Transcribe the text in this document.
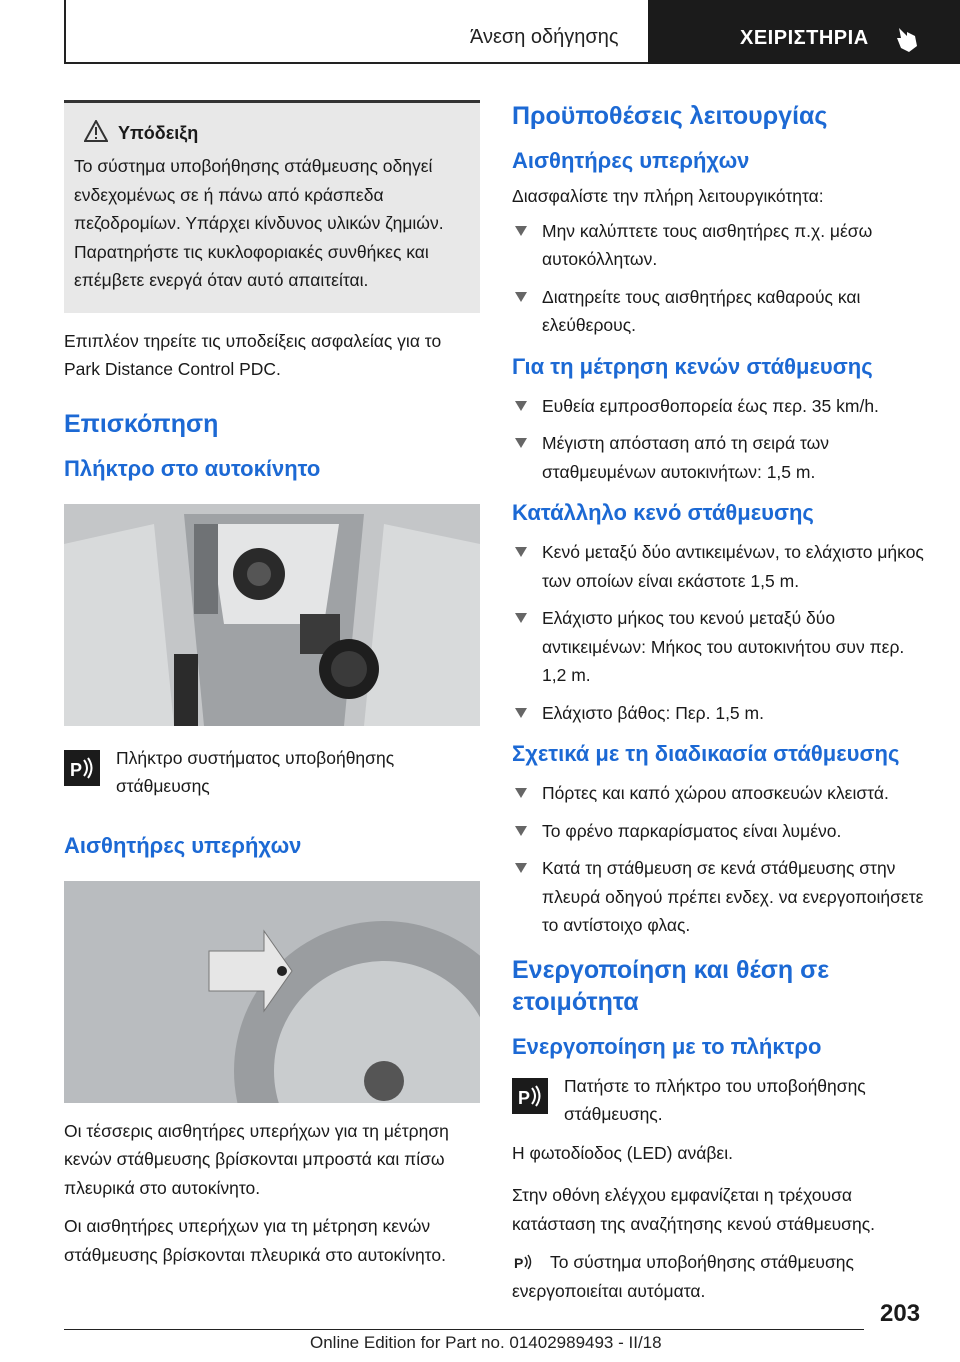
Άνεση οδήγησης	ΧΕΙΡΙΣΤΗΡΙΑ
Υπόδειξη

Το σύστημα υποβοήθησης στάθμευσης οδηγεί ενδεχομένως σε ή πάνω από κράσπεδα πεζοδρομίων. Υπάρχει κίνδυνος υλικών ζημιών. Παρατηρήστε τις κυκλοφοριακές συνθήκες και επέμβετε ενεργά όταν αυτό απαιτείται.

Επιπλέον τηρείτε τις υποδείξεις ασφαλείας για το Park Distance Control PDC.

Επισκόπηση
Πλήκτρο στο αυτοκίνητο
P
Πλήκτρο συστήματος υποβοήθησης στάθμευσης
Αισθητήρες υπερήχων

Οι τέσσερις αισθητήρες υπερήχων για τη μέτρηση κενών στάθμευσης βρίσκονται μπροστά και πίσω πλευρικά στο αυτοκίνητο.

Οι αισθητήρες υπερήχων για τη μέτρηση κενών στάθμευσης βρίσκονται πλευρικά στο αυτοκίνητο.

Προϋποθέσεις λειτουργίας
Αισθητήρες υπερήχων

Διασφαλίστε την πλήρη λειτουργικότητα:

Μην καλύπτετε τους αισθητήρες π.χ. μέσω αυτοκόλλητων.
Διατηρείτε τους αισθητήρες καθαρούς και ελεύθερους.
Για τη μέτρηση κενών στάθμευσης
Ευθεία εμπροσθοπορεία έως περ. 35 km/h.
Μέγιστη απόσταση από τη σειρά των σταθμευμένων αυτοκινήτων: 1,5 m.
Κατάλληλο κενό στάθμευσης
Κενό μεταξύ δύο αντικειμένων, το ελάχιστο μήκος των οποίων είναι εκάστοτε 1,5 m.
Ελάχιστο μήκος του κενού μεταξύ δύο αντικειμένων: Μήκος του αυτοκινήτου συν περ. 1,2 m.
Ελάχιστο βάθος: Περ. 1,5 m.
Σχετικά με τη διαδικασία στάθμευσης
Πόρτες και καπό χώρου αποσκευών κλειστά.
Το φρένο παρκαρίσματος είναι λυμένο.
Κατά τη στάθμευση σε κενά στάθμευσης στην πλευρά οδηγού πρέπει ενδεχ. να ενεργοποιήσετε το αντίστοιχο φλας.
Ενεργοποίηση και θέση σε ετοιμότητα
Ενεργοποίηση με το πλήκτρο
P
Πατήστε το πλήκτρο του υποβοήθησης στάθμευσης.

Η φωτοδίοδος (LED) ανάβει.

Στην οθόνη ελέγχου εμφανίζεται η τρέχουσα κατάσταση της αναζήτησης κενού στάθμευσης.

P Το σύστημα υποβοήθησης στάθμευσης ενεργοποιείται αυτόματα.

203
Online Edition for Part no. 01402989493 - II/18
